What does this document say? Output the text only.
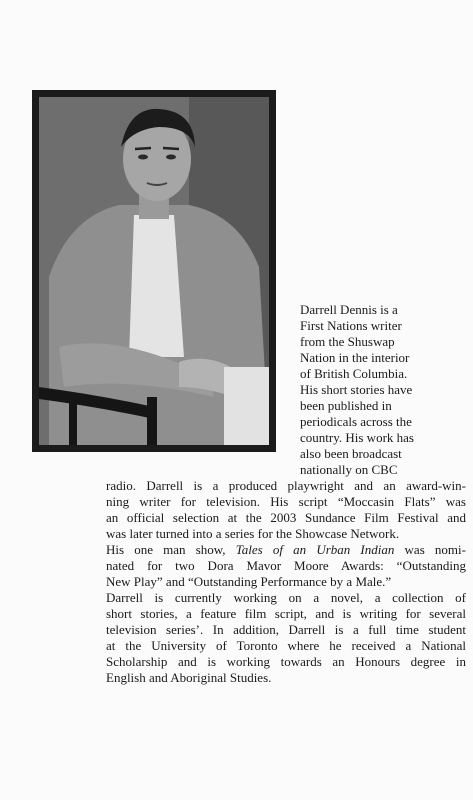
Darrell Dennis is a
First Nations writer
from the Shuswap
Nation in the interior
of British Columbia.
His short stories have
been published in
periodicals across the
country. His work has
also been broadcast
nationally on CBC
radio. Darrell is a produced playwright and an award-win-
ning writer for television. His script “Moccasin Flats” was
an official selection at the 2003 Sundance Film Festival and
was later turned into a series for the Showcase Network.
His one man show, Tales of an Urban Indian was nomi-
nated for two Dora Mavor Moore Awards: “Outstanding
New Play” and “Outstanding Performance by a Male.”
Darrell is currently working on a novel, a collection of
short stories, a feature film script, and is writing for several
television series’. In addition, Darrell is a full time student
at the University of Toronto where he received a National
Scholarship and is working towards an Honours degree in
English and Aboriginal Studies.
